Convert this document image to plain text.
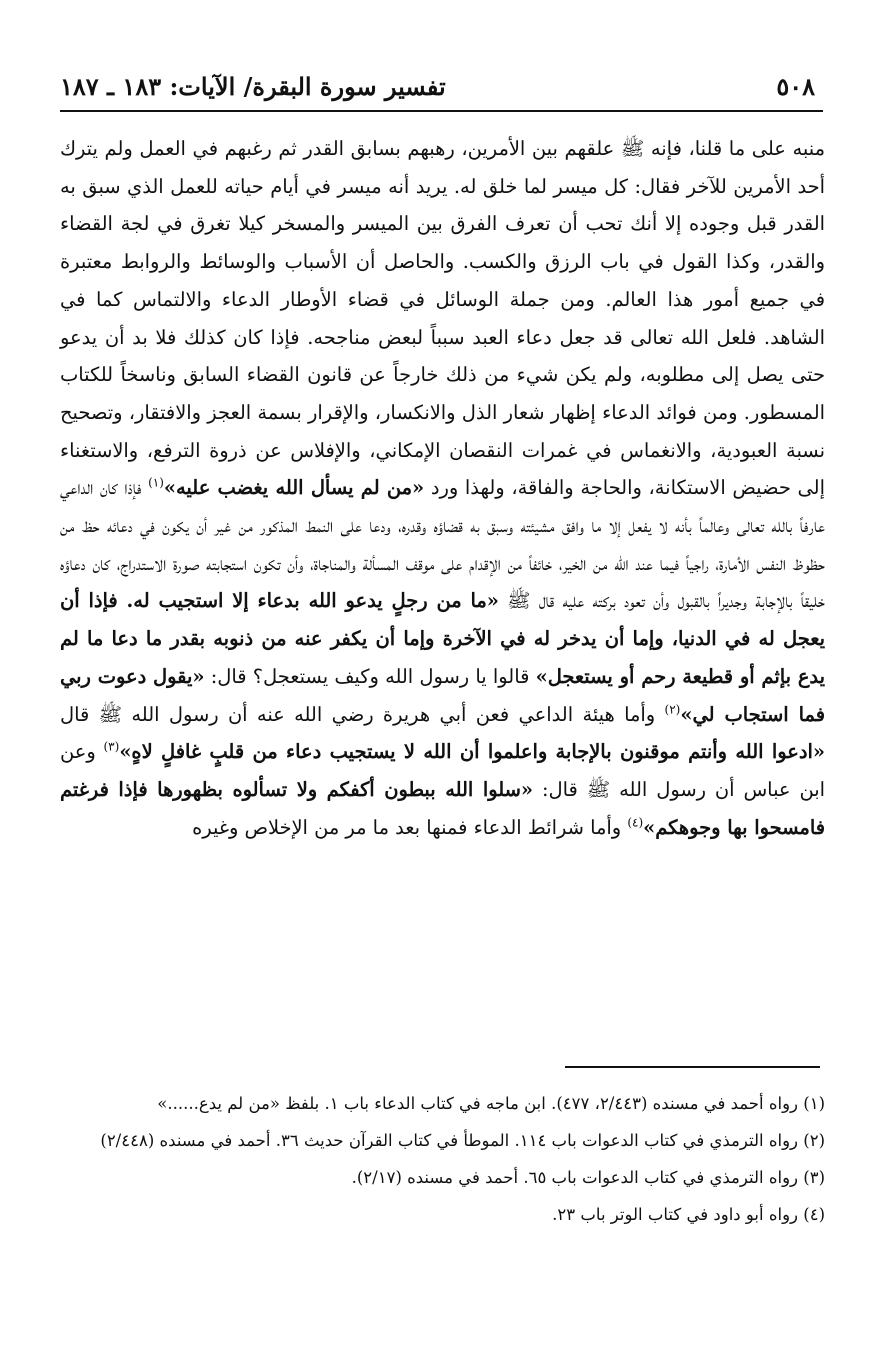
٥٠٨
تفسير سورة البقرة/ الآيات: ١٨٣ ـ ١٨٧

منبه على ما قلنا، فإنه ﷺ علقهم بين الأمرين، رهبهم بسابق القدر ثم رغبهم في العمل ولم يترك أحد الأمرين للآخر فقال: كل ميسر لما خلق له. يريد أنه ميسر في أيام حياته للعمل الذي سبق به القدر قبل وجوده إلا أنك تحب أن تعرف الفرق بين الميسر والمسخر كيلا تغرق في لجة القضاء والقدر، وكذا القول في باب الرزق والكسب. والحاصل أن الأسباب والوسائط والروابط معتبرة في جميع أمور هذا العالم. ومن جملة الوسائل في قضاء الأوطار الدعاء والالتماس كما في الشاهد. فلعل الله تعالى قد جعل دعاء العبد سبباً لبعض مناجحه. فإذا كان كذلك فلا بد أن يدعو حتى يصل إلى مطلوبه، ولم يكن شيء من ذلك خارجاً عن قانون القضاء السابق وناسخاً للكتاب المسطور. ومن فوائد الدعاء إظهار شعار الذل والانكسار، والإقرار بسمة العجز والافتقار، وتصحيح نسبة العبودية، والانغماس في غمرات النقصان الإمكاني، والإفلاس عن ذروة الترفع، والاستغناء إلى حضيض الاستكانة، والحاجة والفاقة، ولهذا ورد «من لم يسأل الله يغضب عليه»$^{(١)}$ فإذا كان الداعي عارفاً بالله تعالى وعالماً بأنه لا يفعل إلا ما وافق مشيئته وسبق به قضاؤه وقدره، ودعا على النمط المذكور من غير أن يكون في دعائه حظ من حظوظ النفس الأمارة، راجياً فيما عند الله من الخير، خائفاً من الإقدام على موقف المسألة والمناجاة، وأن تكون استجابته صورة الاستدراج، كان دعاؤه خليقاً بالإجابة وجديراً بالقبول وأن تعود بركته عليه قال ﷺ «ما من رجلٍ يدعو الله بدعاء إلا استجيب له. فإذا أن يعجل له في الدنيا، وإما أن يدخر له في الآخرة وإما أن يكفر عنه من ذنوبه بقدر ما دعا ما لم يدع بإثم أو قطيعة رحم أو يستعجل» قالوا يا رسول الله وكيف يستعجل؟ قال: «يقول دعوت ربي فما استجاب لي»$^{(٢)}$ وأما هيئة الداعي فعن أبي هريرة رضي الله عنه أن رسول الله ﷺ قال «ادعوا الله وأنتم موقنون بالإجابة واعلموا أن الله لا يستجيب دعاء من قلبٍ غافلٍ لاهٍ»$^{(٣)}$ وعن ابن عباس أن رسول الله ﷺ قال: «سلوا الله ببطون أكفكم ولا تسألوه بظهورها فإذا فرغتم فامسحوا بها وجوهكم»$^{(٤)}$ وأما شرائط الدعاء فمنها بعد ما مر من الإخلاص وغيره

(١) رواه أحمد في مسنده (٢/٤٤٣، ٤٧٧). ابن ماجه في كتاب الدعاء باب ١. بلفظ «من لم يدع......»

(٢) رواه الترمذي في كتاب الدعوات باب ١١٤. الموطأ في كتاب القرآن حديث ٣٦. أحمد في مسنده (٢/٤٤٨)

(٣) رواه الترمذي في كتاب الدعوات باب ٦٥. أحمد في مسنده (٢/١٧).

(٤) رواه أبو داود في كتاب الوتر باب ٢٣.
